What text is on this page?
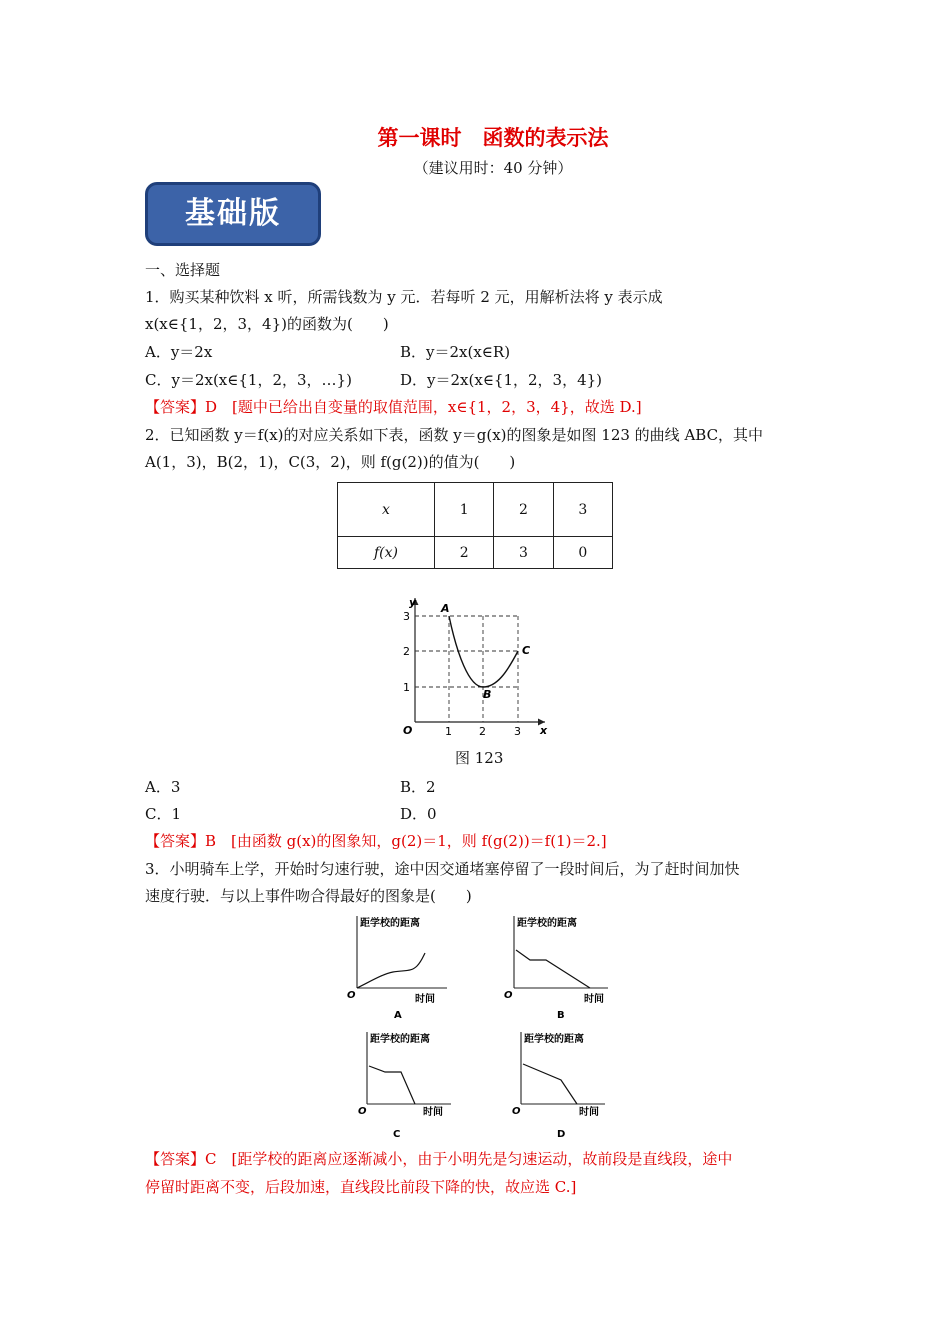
第一课时　函数的表示法
（建议用时：40 分钟）
基础版
一、选择题
1．购买某种饮料 x 听，所需钱数为 y 元．若每听 2 元，用解析法将 y 表示成
x(x∈{1，2，3，4})的函数为(　　)
A．y＝2x	B．y＝2x(x∈R)
C．y＝2x(x∈{1，2，3，…})	D．y＝2x(x∈{1，2，3，4})
【答案】D　[题中已给出自变量的取值范围，x∈{1，2，3，4}，故选 D.]
2．已知函数 y＝f(x)的对应关系如下表，函数 y＝g(x)的图象是如图 123 的曲线 ABC，其中
A(1，3)，B(2，1)，C(3，2)，则 f(g(2))的值为(　　)
x	1	2	3
f(x)	2	3	0
y
x
O	1 2	3
1
2
3
A
B
C
图 123
A．3	B．2
C．1	D．0
【答案】B　[由函数 g(x)的图象知，g(2)＝1，则 f(g(2))＝f(1)＝2.]
3．小明骑车上学，开始时匀速行驶，途中因交通堵塞停留了一段时间后，为了赶时间加快
速度行驶．与以上事件吻合得最好的图象是(　　)
距学校的距离
时间
O
A
距学校的距离
时间
O
B
距学校的距离
时间
O
C
距学校的距离
时间
O
D
【答案】C　[距学校的距离应逐渐减小，由于小明先是匀速运动，故前段是直线段，途中
停留时距离不变，后段加速，直线段比前段下降的快，故应选 C.]
